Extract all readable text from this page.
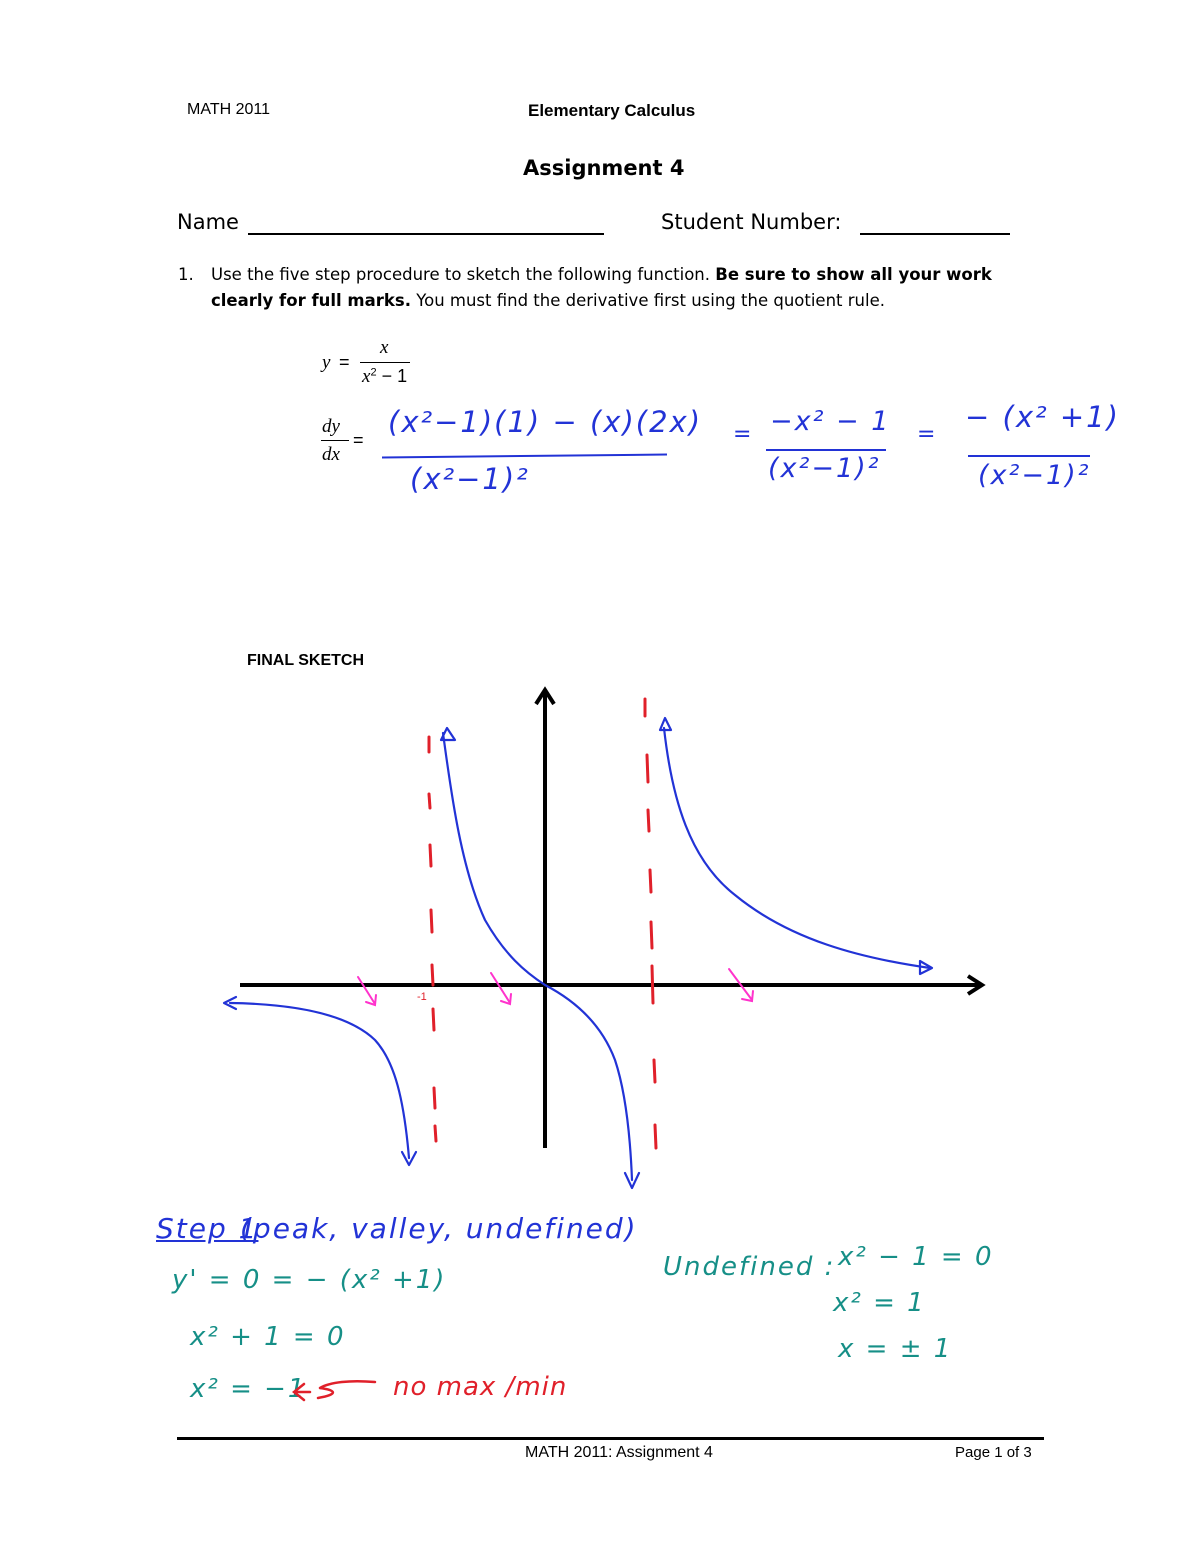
MATH 2011	Elementary Calculus
Assignment 4
Name	Student Number:
1. Use the five step procedure to sketch the following function. Be sure to show all your work clearly for full marks. You must find the derivative first using the quotient rule.
y =
x
$x^2 - 1$
dy
dx
=
(x²−1)(1) − (x)(2x)
(x²−1)²
= −x² − 1
(x²−1)²
=
− (x² +1)
(x²−1)²
FINAL SKETCH
-1
Step 1
(peak, valley, undefined)
y' = 0 = − (x² +1)
x² + 1 = 0
x² = −1	no max /min
Undefined : x² − 1 = 0
x² = 1
x = ± 1
MATH 2011: Assignment 4	Page 1 of 3
